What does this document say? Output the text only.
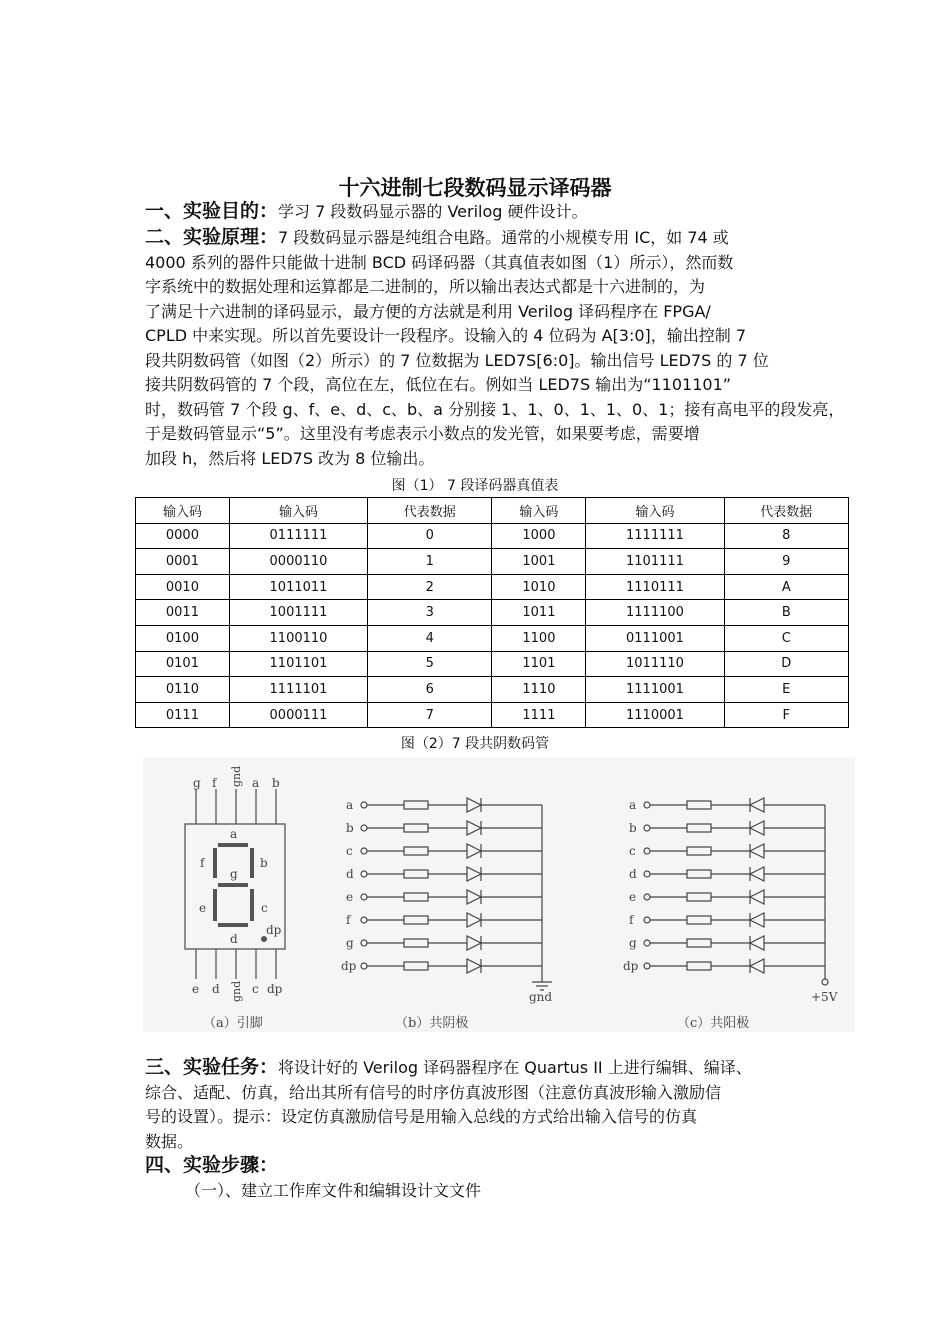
十六进制七段数码显示译码器
一、实验目的：学习 7 段数码显示器的 Verilog 硬件设计。

二、实验原理：7 段数码显示器是纯组合电路。通常的小规模专用 IC，如 74 或

4000 系列的器件只能做十进制 BCD 码译码器（其真值表如图（1）所示），然而数

字系统中的数据处理和运算都是二进制的，所以输出表达式都是十六进制的，为

了满足十六进制的译码显示，最方便的方法就是利用 Verilog 译码程序在 FPGA/

CPLD 中来实现。所以首先要设计一段程序。设输入的 4 位码为 A[3:0]，输出控制 7

段共阴数码管（如图（2）所示）的 7 位数据为 LED7S[6:0]。输出信号 LED7S 的 7 位

接共阴数码管的 7 个段，高位在左，低位在右。例如当 LED7S 输出为“1101101”

时，数码管 7 个段 g、f、e、d、c、b、a 分别接 1、1、0、1、1、0、1；接有高电平的段发亮，

于是数码管显示“5”。这里没有考虑表示小数点的发光管，如果要考虑，需要增

加段 h，然后将 LED7S 改为 8 位输出。

图（1） 7 段译码器真值表
输入码	输入码	代表数据	输入码	输入码	代表数据
0000	0111111	0	1000	1111111	8
0001	0000110	1	1001	1101111	9
0010	1011011	2	1010	1110111	A
0011	1001111	3	1011	1111100	B
0100	1100110	4	1100	0111001	C
0101	1101101	5	1101	1011110	D
0110	1111101	6	1110	1111001	E
0111	0000111	7	1111	1110001	F
图（2）7 段共阴数码管
g f gnd a b
a
b
c
d
e
f
g
dp
e d gnd c dp
（a）引脚
a
b
c
d
e
f
g
dp
gnd
（b）共阴极
a
b
c
d
e
f
g
dp
+5V
（c）共阳极

三、实验任务：将设计好的 Verilog 译码器程序在 Quartus II 上进行编辑、编译、

综合、适配、仿真，给出其所有信号的时序仿真波形图（注意仿真波形输入激励信

号的设置）。提示：设定仿真激励信号是用输入总线的方式给出输入信号的仿真

数据。

四、实验步骤：
（一）、建立工作库文件和编辑设计文文件
